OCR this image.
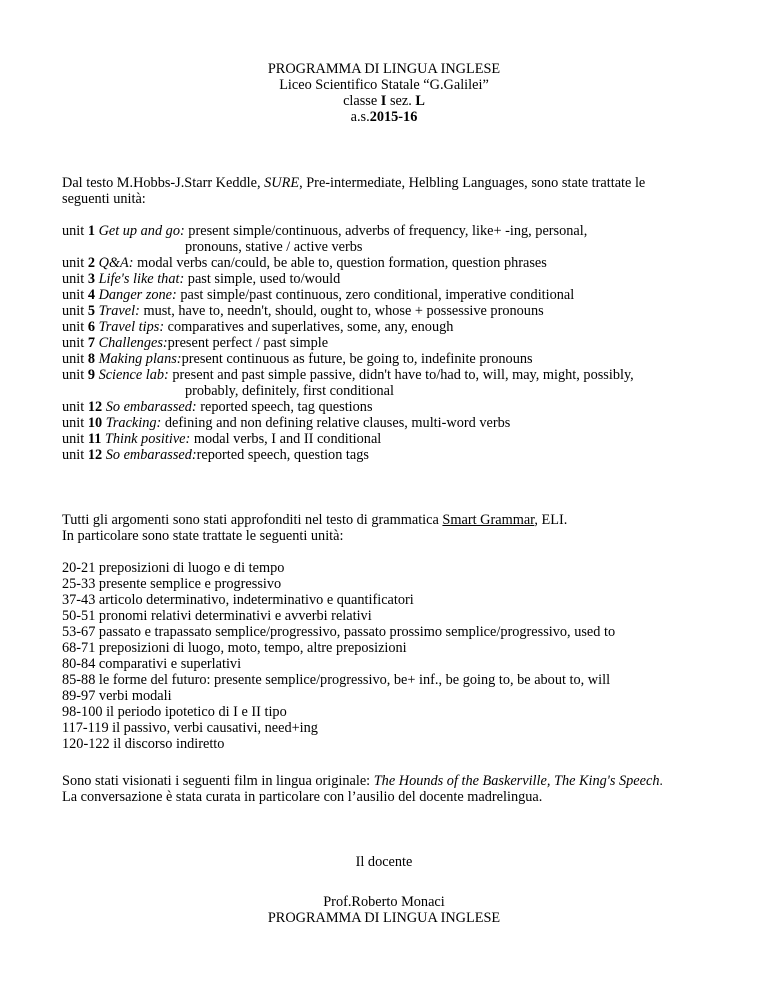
PROGRAMMA DI LINGUA INGLESE
Liceo Scientifico Statale “G.Galilei”
classe I sez. L
a.s.2015-16
Dal testo M.Hobbs-J.Starr Keddle, SURE, Pre-intermediate, Helbling Languages, sono state trattate le
seguenti unità:
unit 1 Get up and go: present simple/continuous, adverbs of frequency, like+ -ing, personal,
pronouns, stative / active verbs
unit 2 Q&A: modal verbs can/could, be able to, question formation, question phrases
unit 3 Life's like that: past simple, used to/would
unit 4 Danger zone: past simple/past continuous, zero conditional, imperative conditional
unit 5 Travel: must, have to, needn't, should, ought to, whose + possessive pronouns
unit 6 Travel tips: comparatives and superlatives, some, any, enough
unit 7 Challenges:present perfect / past simple
unit 8 Making plans:present continuous as future, be going to, indefinite pronouns
unit 9 Science lab: present and past simple passive, didn't have to/had to, will, may, might, possibly,
probably, definitely, first conditional
unit 12 So embarassed: reported speech, tag questions
unit 10 Tracking: defining and non defining relative clauses, multi-word verbs
unit 11 Think positive: modal verbs, I and II conditional
unit 12 So embarassed:reported speech, question tags
Tutti gli argomenti sono stati approfonditi nel testo di grammatica Smart Grammar, ELI.
In particolare sono state trattate le seguenti unità:
20-21 preposizioni di luogo e di tempo
25-33 presente semplice e progressivo
37-43 articolo determinativo, indeterminativo e quantificatori
50-51 pronomi relativi determinativi e avverbi relativi
53-67 passato e trapassato semplice/progressivo, passato prossimo semplice/progressivo, used to
68-71 preposizioni di luogo, moto, tempo, altre preposizioni
80-84 comparativi e superlativi
85-88 le forme del futuro: presente semplice/progressivo, be+ inf., be going to, be about to, will
89-97 verbi modali
98-100 il periodo ipotetico di I e II tipo
117-119 il passivo, verbi causativi, need+ing
120-122 il discorso indiretto
Sono stati visionati i seguenti film in lingua originale: The Hounds of the Baskerville, The King's Speech.
La conversazione è stata curata in particolare con l’ausilio del docente madrelingua.
Il docente
Prof.Roberto Monaci
PROGRAMMA DI LINGUA INGLESE
